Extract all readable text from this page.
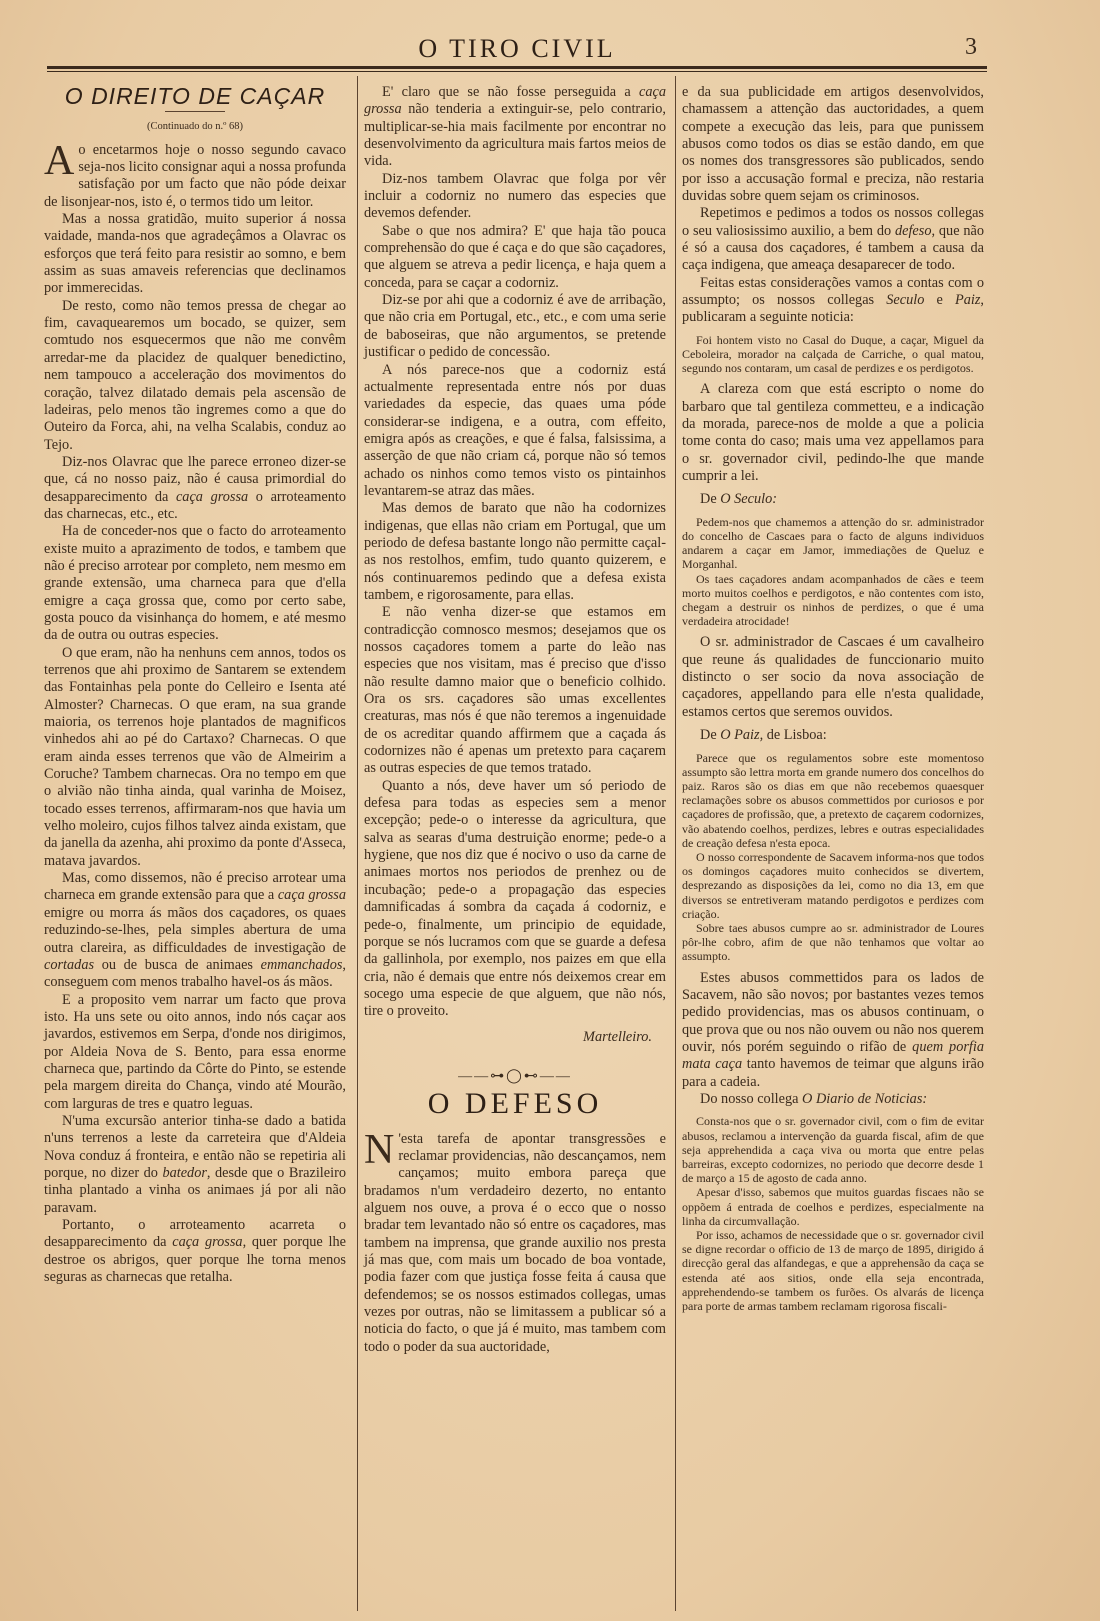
O TIRO CIVIL	3
O DIREITO DE CAÇAR
(Continuado do n.º 68)

Ao encetarmos hoje o nosso segundo cavaco seja-nos licito consignar aqui a nossa profunda satisfação por um facto que não póde deixar de lisonjear-nos, isto é, o termos tido um leitor.

Mas a nossa gratidão, muito superior á nossa vaidade, manda-nos que agradeçâmos a Olavrac os esforços que terá feito para resistir ao somno, e bem assim as suas amaveis referencias que declinamos por immerecidas.

De resto, como não temos pressa de chegar ao fim, cavaquearemos um bocado, se quizer, sem comtudo nos esquecermos que não me convêm arredar-me da placidez de qualquer benedictino, nem tampouco a acceleração dos movimentos do coração, talvez dilatado demais pela ascensão de ladeiras, pelo menos tão ingremes como a que do Outeiro da Forca, ahi, na velha Scalabis, conduz ao Tejo.

Diz-nos Olavrac que lhe parece erroneo dizer-se que, cá no nosso paiz, não é causa primordial do desapparecimento da caça grossa o arroteamento das charnecas, etc., etc.

Ha de conceder-nos que o facto do arroteamento existe muito a aprazimento de todos, e tambem que não é preciso arrotear por completo, nem mesmo em grande extensão, uma charneca para que d'ella emigre a caça grossa que, como por certo sabe, gosta pouco da visinhança do homem, e até mesmo da de outra ou outras especies.

O que eram, não ha nenhuns cem annos, todos os terrenos que ahi proximo de Santarem se extendem das Fontainhas pela ponte do Celleiro e Isenta até Almoster? Charnecas. O que eram, na sua grande maioria, os terrenos hoje plantados de magnificos vinhedos ahi ao pé do Cartaxo? Charnecas. O que eram ainda esses terrenos que vão de Almeirim a Coruche? Tambem charnecas. Ora no tempo em que o alvião não tinha ainda, qual varinha de Moisez, tocado esses terrenos, affirmaram-nos que havia um velho moleiro, cujos filhos talvez ainda existam, que da janella da azenha, ahi proximo da ponte d'Asseca, matava javardos.

Mas, como dissemos, não é preciso arrotear uma charneca em grande extensão para que a caça grossa emigre ou morra ás mãos dos caçadores, os quaes reduzindo-se-lhes, pela simples abertura de uma outra clareira, as difficuldades de investigação de cortadas ou de busca de animaes emmanchados, conseguem com menos trabalho havel-os ás mãos.

E a proposito vem narrar um facto que prova isto. Ha uns sete ou oito annos, indo nós caçar aos javardos, estivemos em Serpa, d'onde nos dirigimos, por Aldeia Nova de S. Bento, para essa enorme charneca que, partindo da Côrte do Pinto, se estende pela margem direita do Chança, vindo até Mourão, com larguras de tres e quatro leguas.

N'uma excursão anterior tinha-se dado a batida n'uns terrenos a leste da carreteira que d'Aldeia Nova conduz á fronteira, e então não se repetiria ali porque, no dizer do batedor, desde que o Brazileiro tinha plantado a vinha os animaes já por ali não paravam.

Portanto, o arroteamento acarreta o desapparecimento da caça grossa, quer porque lhe destroe os abrigos, quer porque lhe torna menos seguras as charnecas que retalha.

E' claro que se não fosse perseguida a caça grossa não tenderia a extinguir-se, pelo contrario, multiplicar-se-hia mais facilmente por encontrar no desenvolvimento da agricultura mais fartos meios de vida.

Diz-nos tambem Olavrac que folga por vêr incluir a codorniz no numero das especies que devemos defender.

Sabe o que nos admira? E' que haja tão pouca comprehensão do que é caça e do que são caçadores, que alguem se atreva a pedir licença, e haja quem a conceda, para se caçar a codorniz.

Diz-se por ahi que a codorniz é ave de arribação, que não cria em Portugal, etc., etc., e com uma serie de baboseiras, que não argumentos, se pretende justificar o pedido de concessão.

A nós parece-nos que a codorniz está actualmente representada entre nós por duas variedades da especie, das quaes uma póde considerar-se indigena, e a outra, com effeito, emigra após as creações, e que é falsa, falsissima, a asserção de que não criam cá, porque não só temos achado os ninhos como temos visto os pintainhos levantarem-se atraz das mães.

Mas demos de barato que não ha codornizes indigenas, que ellas não criam em Portugal, que um periodo de defesa bastante longo não permitte caçal-as nos restolhos, emfim, tudo quanto quizerem, e nós continuaremos pedindo que a defesa exista tambem, e rigorosamente, para ellas.

E não venha dizer-se que estamos em contradicção comnosco mesmos; desejamos que os nossos caçadores tomem a parte do leão nas especies que nos visitam, mas é preciso que d'isso não resulte damno maior que o beneficio colhido. Ora os srs. caçadores são umas excellentes creaturas, mas nós é que não teremos a ingenuidade de os acreditar quando affirmem que a caçada ás codornizes não é apenas um pretexto para caçarem as outras especies de que temos tratado.

Quanto a nós, deve haver um só periodo de defesa para todas as especies sem a menor excepção; pede-o o interesse da agricultura, que salva as searas d'uma destruição enorme; pede-o a hygiene, que nos diz que é nocivo o uso da carne de animaes mortos nos periodos de prenhez ou de incubação; pede-o a propagação das especies damnificadas á sombra da caçada á codorniz, e pede-o, finalmente, um principio de equidade, porque se nós lucramos com que se guarde a defesa da gallinhola, por exemplo, nos paizes em que ella cria, não é demais que entre nós deixemos crear em socego uma especie de que alguem, que não nós, tire o proveito.

Martelleiro.
——⊶◯⊷——
O DEFESO

N 'esta tarefa de apontar transgressões e reclamar providencias, não descançamos, nem cançamos; muito embora pareça que bradamos n'um verdadeiro dezerto, no entanto alguem nos ouve, a prova é o ecco que o nosso bradar tem levantado não só entre os caçadores, mas tambem na imprensa, que grande auxilio nos presta já mas que, com mais um bocado de boa vontade, podia fazer com que justiça fosse feita á causa que defendemos; se os nossos estimados collegas, umas vezes por outras, não se limitassem a publicar só a noticia do facto, o que já é muito, mas tambem com todo o poder da sua auctoridade,

e da sua publicidade em artigos desenvolvidos, chamassem a attenção das auctoridades, a quem compete a execução das leis, para que punissem abusos como todos os dias se estão dando, em que os nomes dos transgressores são publicados, sendo por isso a accusação formal e preciza, não restaria duvidas sobre quem sejam os criminosos.

Repetimos e pedimos a todos os nossos collegas o seu valiosissimo auxilio, a bem do defeso, que não é só a causa dos caçadores, é tambem a causa da caça indigena, que ameaça desaparecer de todo.

Feitas estas considerações vamos a contas com o assumpto; os nossos collegas Seculo e Paiz, publicaram a seguinte noticia:

Foi hontem visto no Casal do Duque, a caçar, Miguel da Ceboleira, morador na calçada de Carriche, o qual matou, segundo nos contaram, um casal de perdizes e os perdigotos.

A clareza com que está escripto o nome do barbaro que tal gentileza commetteu, e a indicação da morada, parece-nos de molde a que a policia tome conta do caso; mais uma vez appellamos para o sr. governador civil, pedindo-lhe que mande cumprir a lei.

De O Seculo:

Pedem-nos que chamemos a attenção do sr. administrador do concelho de Cascaes para o facto de alguns individuos andarem a caçar em Jamor, immediações de Queluz e Morganhal.

Os taes caçadores andam acompanhados de cães e teem morto muitos coelhos e perdigotos, e não contentes com isto, chegam a destruir os ninhos de perdizes, o que é uma verdadeira atrocidade!

O sr. administrador de Cascaes é um cavalheiro que reune ás qualidades de funccionario muito distincto o ser socio da nova associação de caçadores, appellando para elle n'esta qualidade, estamos certos que seremos ouvidos.

De O Paiz, de Lisboa:

Parece que os regulamentos sobre este momentoso assumpto são lettra morta em grande numero dos concelhos do paiz. Raros são os dias em que não recebemos quaesquer reclamações sobre os abusos commettidos por curiosos e por caçadores de profissão, que, a pretexto de caçarem codornizes, vão abatendo coelhos, perdizes, lebres e outras especialidades de creação defesa n'esta epoca.

O nosso correspondente de Sacavem informa-nos que todos os domingos caçadores muito conhecidos se divertem, desprezando as disposições da lei, como no dia 13, em que diversos se entretiveram matando perdigotos e perdizes com criação.

Sobre taes abusos cumpre ao sr. administrador de Loures pôr-lhe cobro, afim de que não tenhamos que voltar ao assumpto.

Estes abusos commettidos para os lados de Sacavem, não são novos; por bastantes vezes temos pedido providencias, mas os abusos continuam, o que prova que ou nos não ouvem ou não nos querem ouvir, nós porém seguindo o rifão de quem porfia mata caça tanto havemos de teimar que alguns irão para a cadeia.

Do nosso collega O Diario de Noticias:

Consta-nos que o sr. governador civil, com o fim de evitar abusos, reclamou a intervenção da guarda fiscal, afim de que seja apprehendida a caça viva ou morta que entre pelas barreiras, excepto codornizes, no periodo que decorre desde 1 de março a 15 de agosto de cada anno.

Apesar d'isso, sabemos que muitos guardas fiscaes não se oppõem á entrada de coelhos e perdizes, especialmente na linha da circumvallação.

Por isso, achamos de necessidade que o sr. governador civil se digne recordar o officio de 13 de março de 1895, dirigido á direcção geral das alfandegas, e que a apprehensão da caça se estenda até aos sitios, onde ella seja encontrada, apprehendendo-se tambem os furões. Os alvarás de licença para porte de armas tambem reclamam rigorosa fiscali-
